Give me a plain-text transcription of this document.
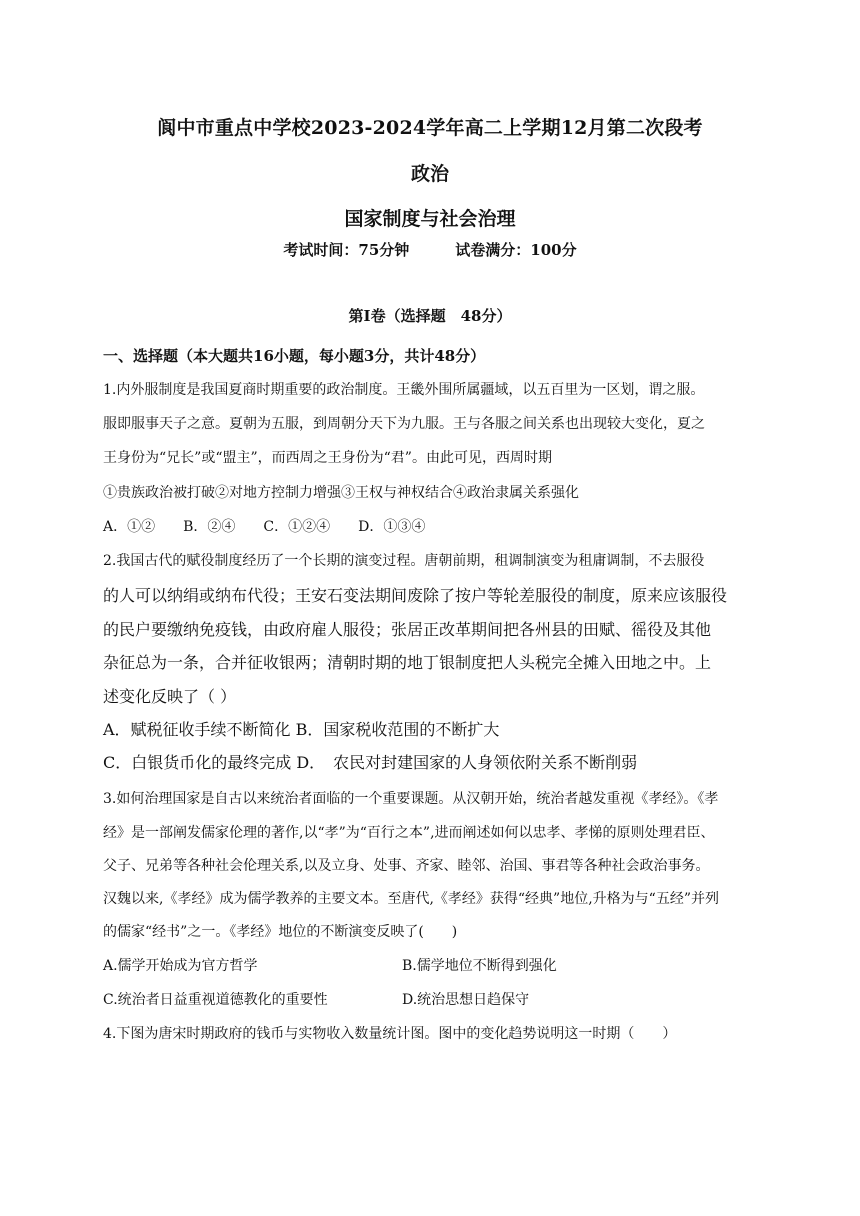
阆中市重点中学校2023-2024学年高二上学期12月第二次段考
政治
国家制度与社会治理
考试时间：75分钟	试卷满分：100分
第Ⅰ卷（选择题　48分）
一、选择题（本大题共16小题，每小题3分，共计48分）
1.内外服制度是我国夏商时期重要的政治制度。王畿外围所属疆域，以五百里为一区划，谓之服。
服即服事天子之意。夏朝为五服，到周朝分天下为九服。王与各服之间关系也出现较大变化，夏之
王身份为“兄长”或“盟主”，而西周之王身份为“君”。由此可见，西周时期
①贵族政治被打破②对地方控制力增强③王权与神权结合④政治隶属关系强化
A．①②　　B．②④　　C．①②④　　D．①③④
2.我国古代的赋役制度经历了一个长期的演变过程。唐朝前期，租调制演变为租庸调制，不去服役
的人可以纳绢或纳布代役；王安石变法期间废除了按户等轮差服役的制度，原来应该服役
的民户要缴纳免疫钱，由政府雇人服役；张居正改革期间把各州县的田赋、徭役及其他
杂征总为一条，合并征收银两；清朝时期的地丁银制度把人头税完全摊入田地之中。上
述变化反映了（ ）
A．赋税征收手续不断简化 B．国家税收范围的不断扩大
C．白银货币化的最终完成 D．　农民对封建国家的人身领依附关系不断削弱
3.如何治理国家是自古以来统治者面临的一个重要课题。从汉朝开始，统治者越发重视《孝经》。《孝
经》是一部阐发儒家伦理的著作,以“孝”为“百行之本”,进而阐述如何以忠孝、孝悌的原则处理君臣、
父子、兄弟等各种社会伦理关系,以及立身、处事、齐家、睦邻、治国、事君等各种社会政治事务。
汉魏以来,《孝经》成为儒学教养的主要文本。至唐代,《孝经》获得“经典”地位,升格为与“五经”并列
的儒家“经书”之一。《孝经》地位的不断演变反映了(　　)
A.儒学开始成为官方哲学	B.儒学地位不断得到强化
C.统治者日益重视道德教化的重要性	D.统治思想日趋保守
4.下图为唐宋时期政府的钱币与实物收入数量统计图。图中的变化趋势说明这一时期（　　）
